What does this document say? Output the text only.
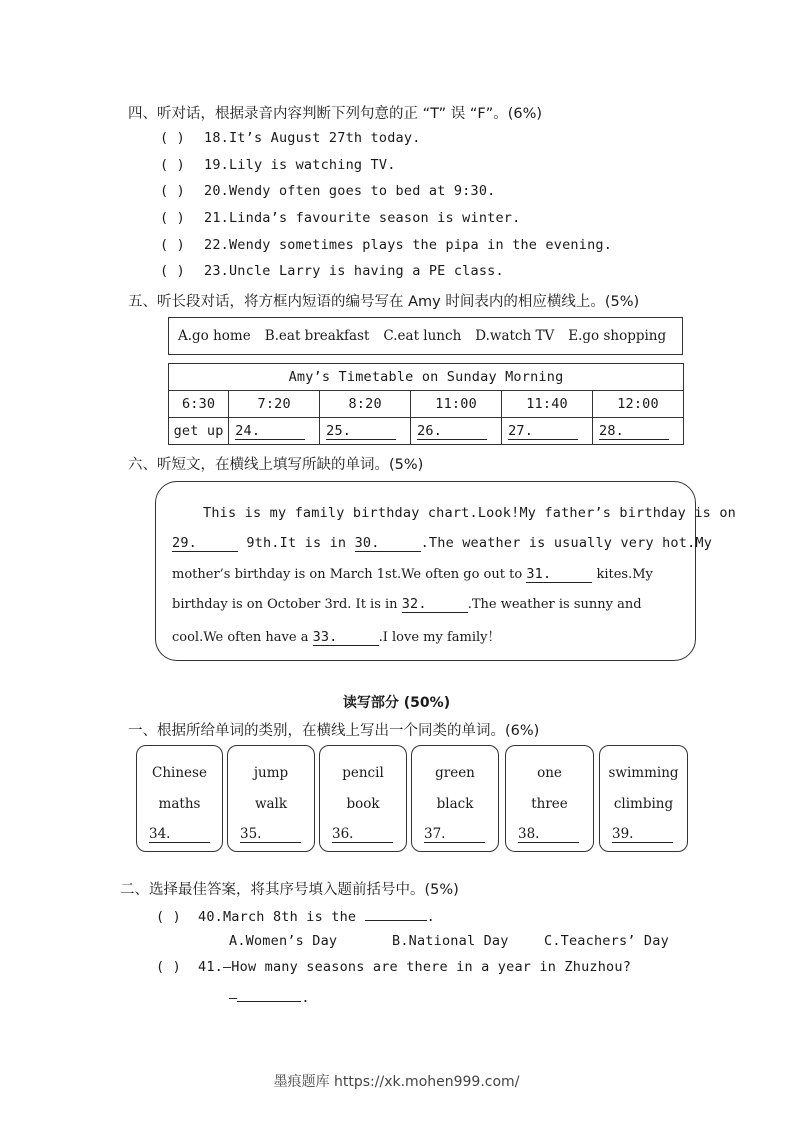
四、听对话，根据录音内容判断下列句意的正 “T” 误 “F”。(6%)
( ) 18.It’s August 27th today.
( ) 19.Lily is watching TV.
( ) 20.Wendy often goes to bed at 9:30.
( ) 21.Linda’s favourite season is winter.
( ) 22.Wendy sometimes plays the pipa in the evening.
( ) 23.Uncle Larry is having a PE class.
五、听长段对话，将方框内短语的编号写在 Amy 时间表内的相应横线上。(5%)
A.go home B.eat breakfast C.eat lunch D.watch TV E.go shopping
Amy’s Timetable on Sunday Morning					
6:30	7:20	8:20	11:00	11:40	12:00
get up	24.	25.	26.	27.	28.
六、听短文，在横线上填写所缺的单词。(5%)
This is my family birthday chart.Look!My father’s birthday is on
29.	9th.It is in 30.	.The weather is usually very hot.My
mother’s birthday is on March 1st.We often go out to 31.	kites.My
birthday is on October 3rd. It is in 32.	.The weather is sunny and
cool.We often have a 33.	.I love my family！
读写部分 (50%)
一、根据所给单词的类别，在横线上写出一个同类的单词。(6%)
Chinese
maths
34.
jump
walk
35.
pencil
book
36.
green
black
37.
one
three
38.
swimming
climbing
39.
二、选择最佳答案，将其序号填入题前括号中。(5%)
( ) 40.March 8th is the	.
A.Women’s Day	B.National Day	C.Teachers’ Day
( ) 41.—How many seasons are there in a year in Zhuzhou?
—	.
墨痕题库 https://xk.mohen999.com/
